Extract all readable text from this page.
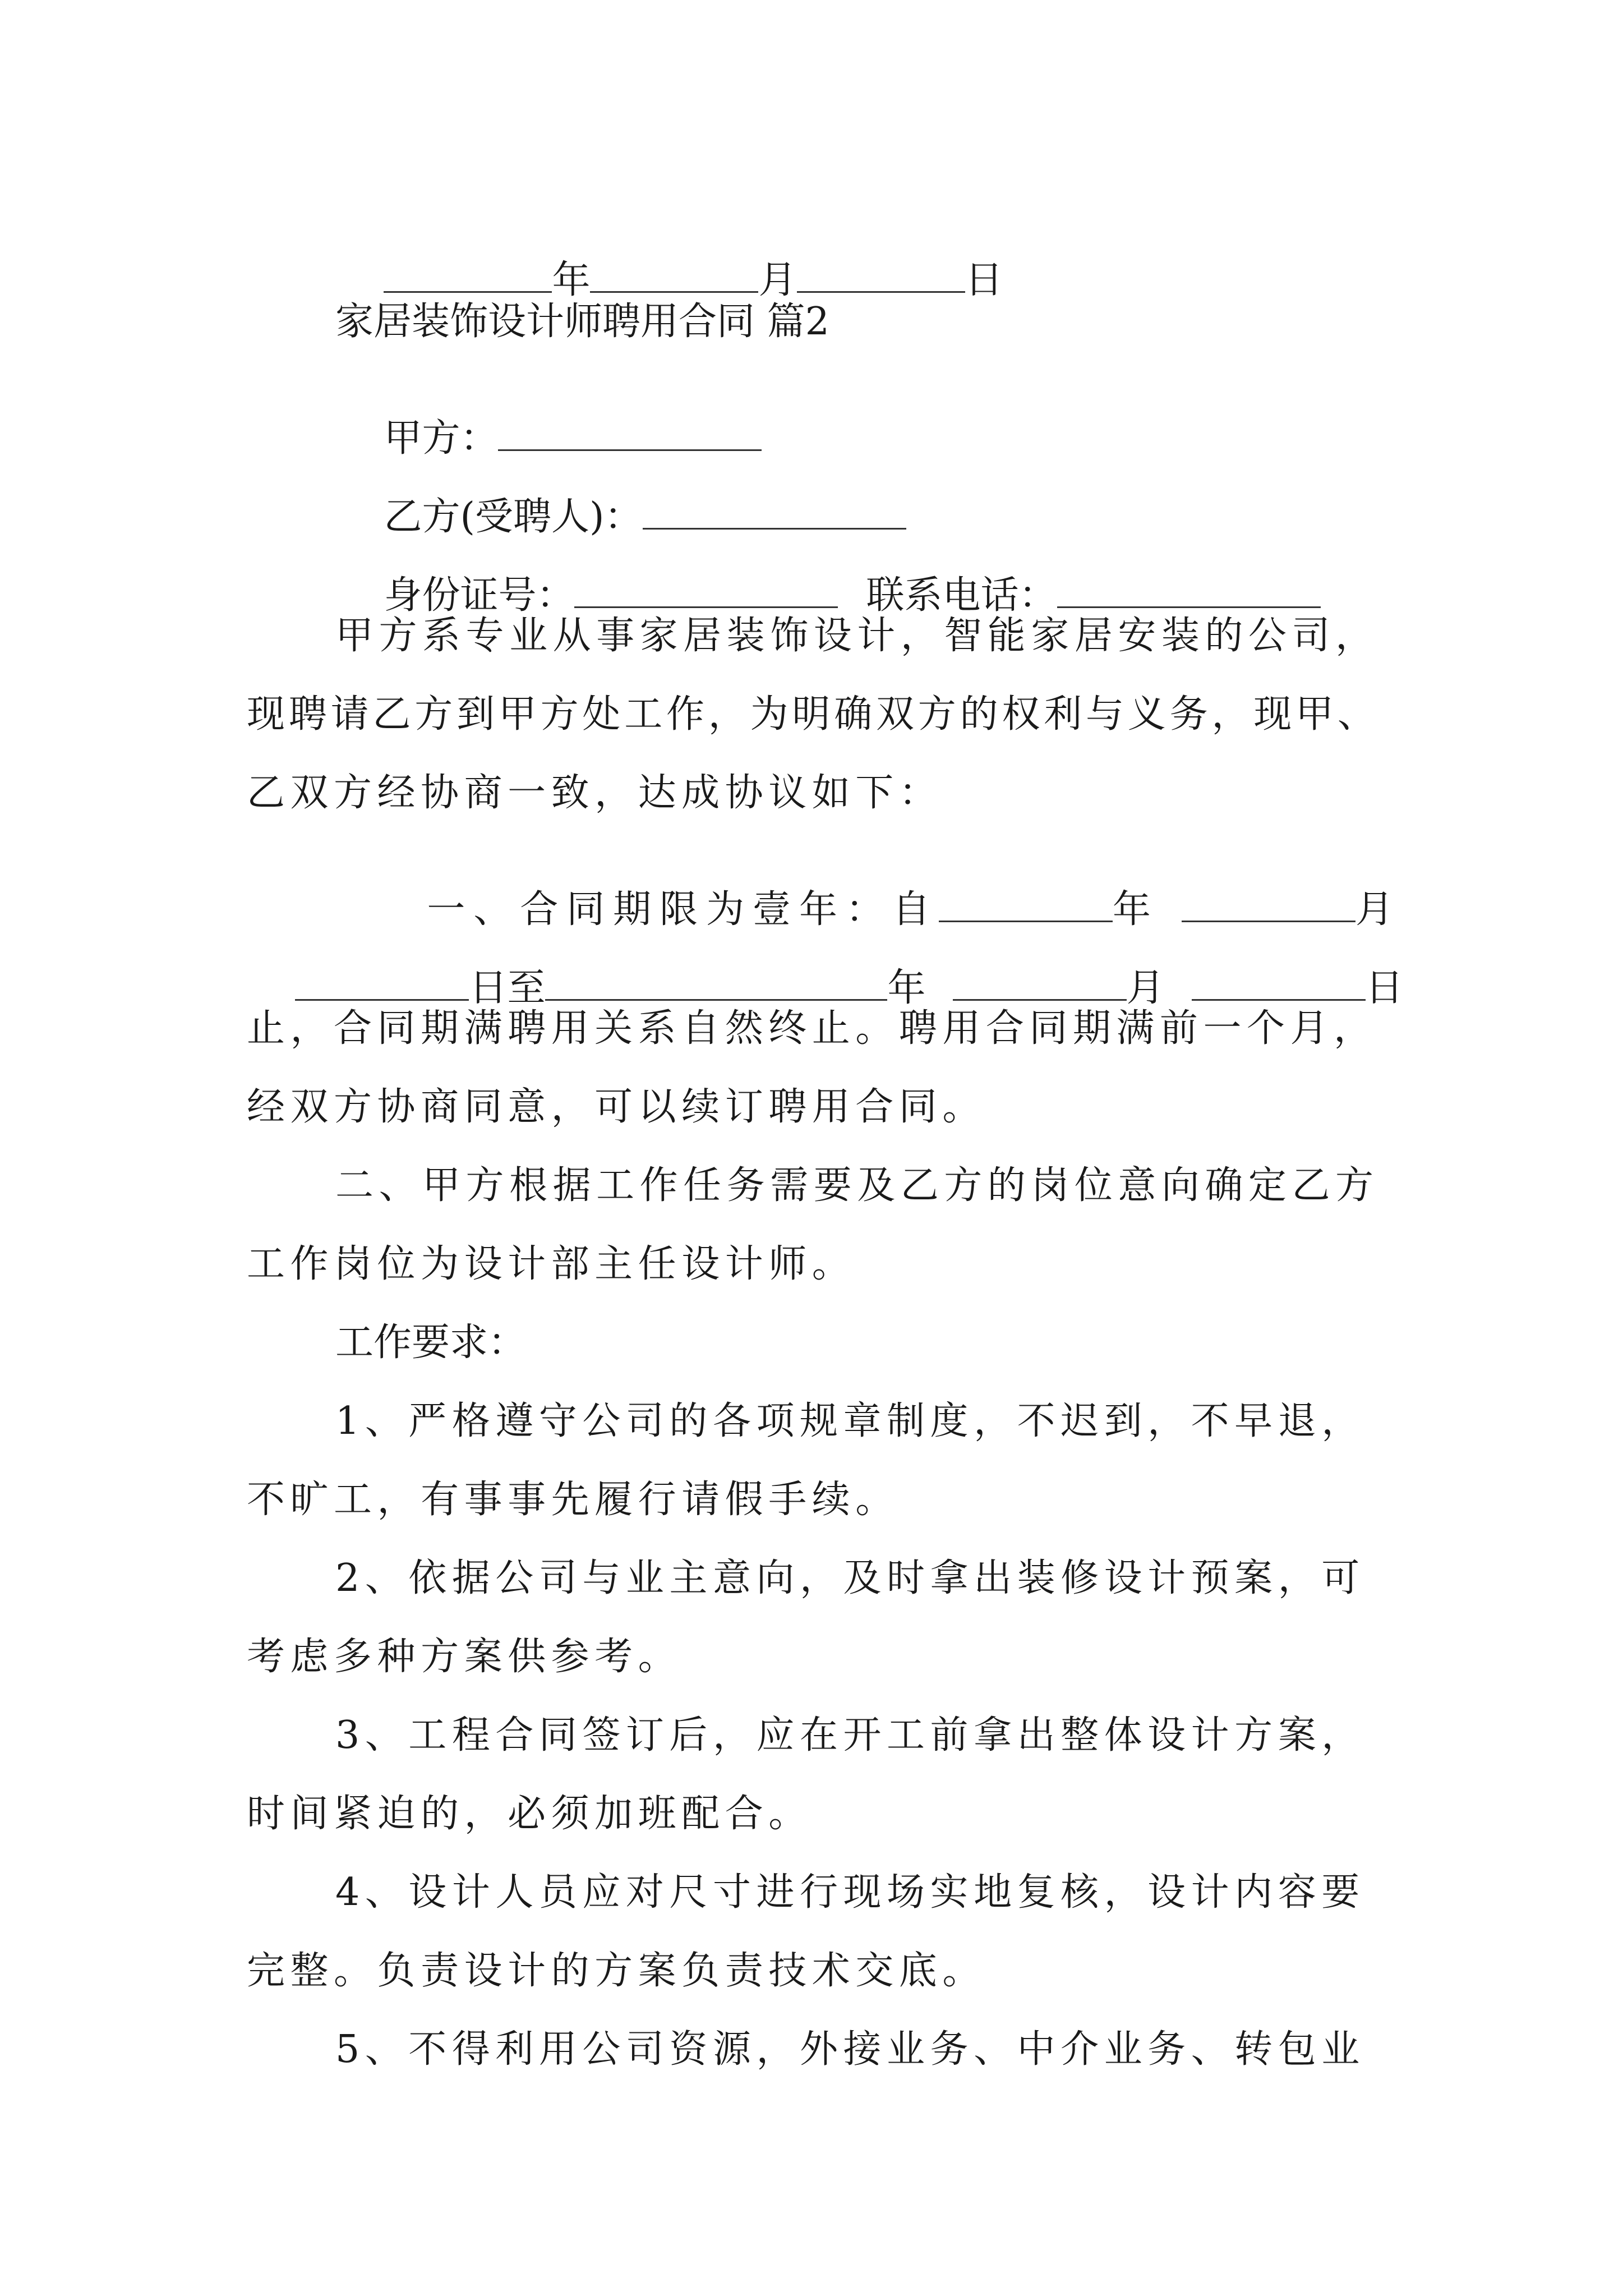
年	月	日

家居装饰设计师聘用合同 篇2

甲方：

乙方(受聘人)：

身份证号：	联系电话：

甲方系专业从事家居装饰设计，智能家居安装的公司，
现聘请乙方到甲方处工作，为明确双方的权利与义务，现甲、
乙双方经协商一致，达成协议如下：

一、合同期限为壹年：自	年	月

日至	年	月	日

止，合同期满聘用关系自然终止。聘用合同期满前一个月，
经双方协商同意，可以续订聘用合同。
二、甲方根据工作任务需要及乙方的岗位意向确定乙方
工作岗位为设计部主任设计师。
工作要求：
1、严格遵守公司的各项规章制度，不迟到，不早退，
不旷工，有事事先履行请假手续。
2、依据公司与业主意向，及时拿出装修设计预案，可
考虑多种方案供参考。
3、工程合同签订后，应在开工前拿出整体设计方案，
时间紧迫的，必须加班配合。
4、设计人员应对尺寸进行现场实地复核，设计内容要
完整。负责设计的方案负责技术交底。
5、不得利用公司资源，外接业务、中介业务、转包业
